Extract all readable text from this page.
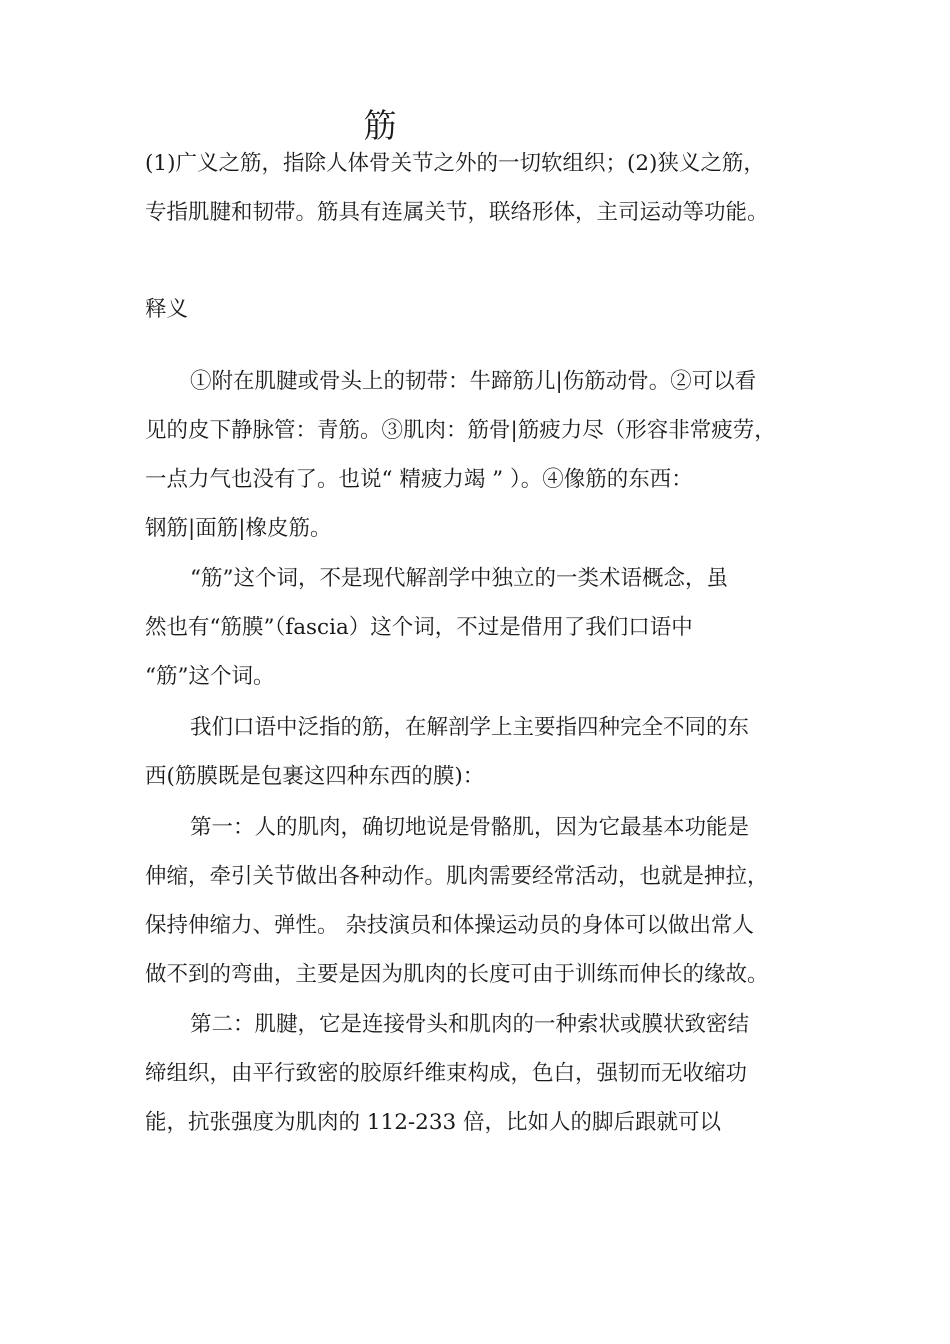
筋

(1)广义之筋，指除人体骨关节之外的一切软组织；(2)狭义之筋，
专指肌腱和韧带。筋具有连属关节，联络形体，主司运动等功能。

释义

①附在肌腱或骨头上的韧带：牛蹄筋儿|伤筋动骨。②可以看
见的皮下静脉管：青筋。③肌肉：筋骨|筋疲力尽（形容非常疲劳，
一点力气也没有了。也说“ 精疲力竭 ” ）。④像筋的东西：
钢筋|面筋|橡皮筋。

“筋”这个词，不是现代解剖学中独立的一类术语概念，虽
然也有“筋膜”（fascia）这个词，不过是借用了我们口语中
“筋”这个词。

我们口语中泛指的筋，在解剖学上主要指四种完全不同的东
西(筋膜既是包裹这四种东西的膜)：

第一：人的肌肉，确切地说是骨骼肌，因为它最基本功能是
伸缩，牵引关节做出各种动作。肌肉需要经常活动，也就是抻拉，
保持伸缩力、弹性。 杂技演员和体操运动员的身体可以做出常人
做不到的弯曲，主要是因为肌肉的长度可由于训练而伸长的缘故。

第二：肌腱，它是连接骨头和肌肉的一种索状或膜状致密结
缔组织，由平行致密的胶原纤维束构成，色白，强韧而无收缩功
能，抗张强度为肌肉的 112-233 倍，比如人的脚后跟就可以
